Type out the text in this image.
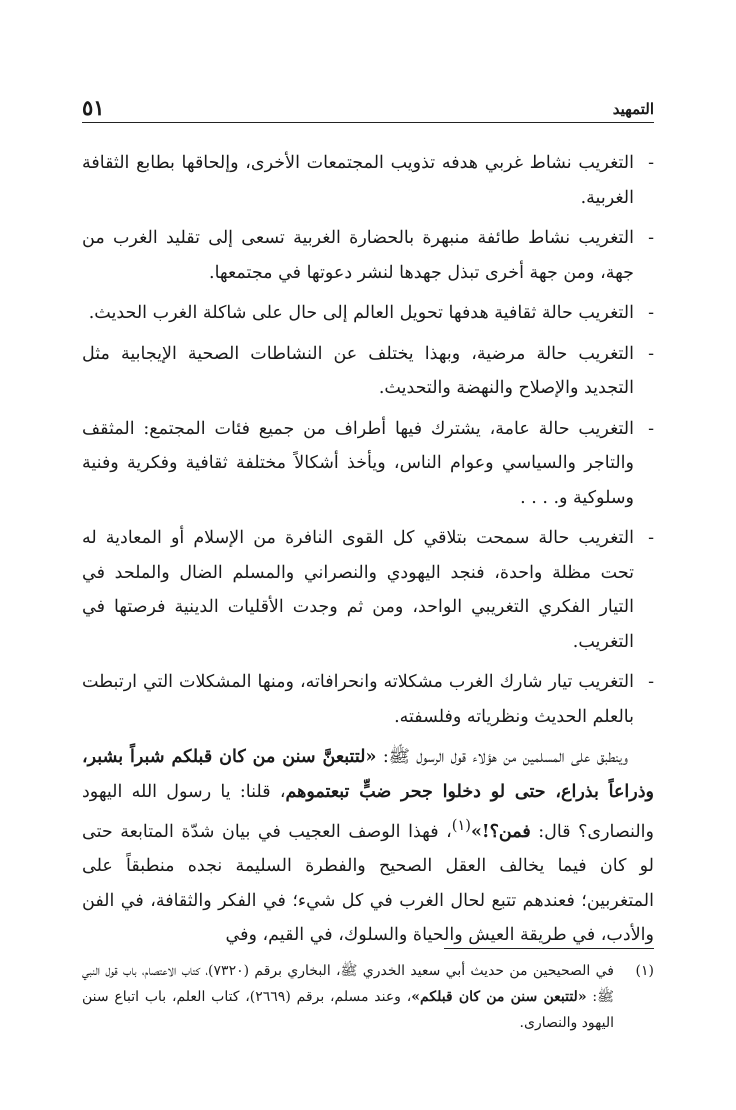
التمهيد
٥١
-
التغريب نشاط غربي هدفه تذويب المجتمعات الأخرى، وإلحاقها بطابع الثقافة الغربية.
-
التغريب نشاط طائفة منبهرة بالحضارة الغربية تسعى إلى تقليد الغرب من جهة، ومن جهة أخرى تبذل جهدها لنشر دعوتها في مجتمعها.
-
التغريب حالة ثقافية هدفها تحويل العالم إلى حال على شاكلة الغرب الحديث.
-
التغريب حالة مرضية، وبهذا يختلف عن النشاطات الصحية الإيجابية مثل التجديد والإصلاح والنهضة والتحديث.
-
التغريب حالة عامة، يشترك فيها أطراف من جميع فئات المجتمع: المثقف والتاجر والسياسي وعوام الناس، ويأخذ أشكالاً مختلفة ثقافية وفكرية وفنية وسلوكية و. . . .
-
التغريب حالة سمحت بتلاقي كل القوى النافرة من الإسلام أو المعادية له تحت مظلة واحدة، فنجد اليهودي والنصراني والمسلم الضال والملحد في التيار الفكري التغريبي الواحد، ومن ثم وجدت الأقليات الدينية فرصتها في التغريب.
-
التغريب تيار شارك الغرب مشكلاته وانحرافاته، ومنها المشكلات التي ارتبطت بالعلم الحديث ونظرياته وفلسفته.

وينطبق على المسلمين من هؤلاء قول الرسول ﷺ: «لتتبعنَّ سنن من كان قبلكم شبراً بشبر، وذراعاً بذراع، حتى لو دخلوا جحر ضبٍّ تبعتموهم، قلنا: يا رسول الله اليهود والنصارى؟ قال: فمن؟!»$^{(١)}$، فهذا الوصف العجيب في بيان شدّة المتابعة حتى لو كان فيما يخالف العقل الصحيح والفطرة السليمة نجده منطبقاً على المتغربين؛ فعندهم تتبع لحال الغرب في كل شيء؛ في الفكر والثقافة، في الفن والأدب، في طريقة العيش والحياة والسلوك، في القيم، وفي

(١)
في الصحيحين من حديث أبي سعيد الخدري ﷺ، البخاري برقم (٧٣٢٠)، كتاب الاعتصام، باب قول النبي ﷺ: «لتتبعن سنن من كان قبلكم»، وعند مسلم، برقم (٢٦٦٩)، كتاب العلم، باب اتباع سنن اليهود والنصارى.
